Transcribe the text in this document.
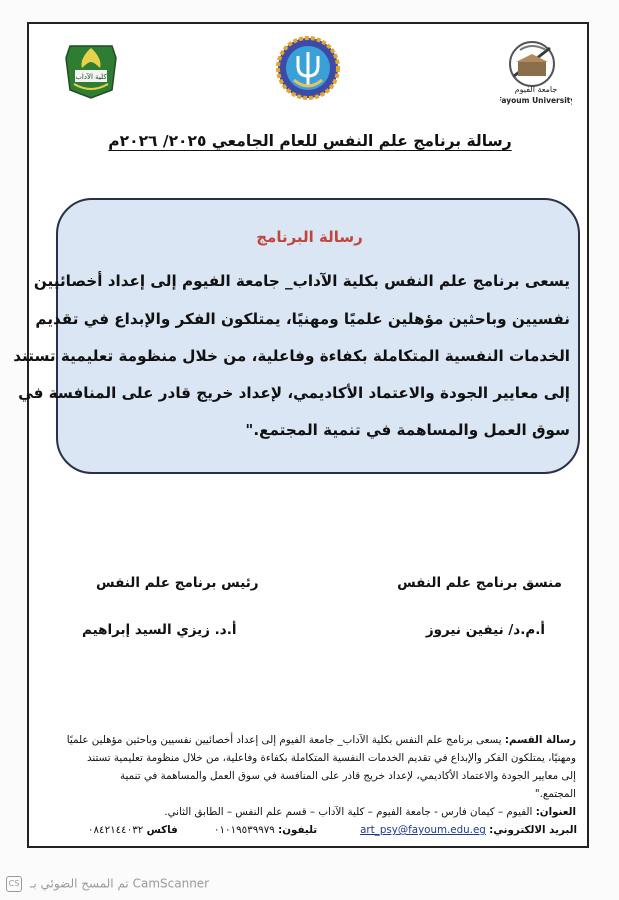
كلية الآداب
جامعة الفيوم
Fayoum University
رسالة برنامج علم النفس للعام الجامعي ٢٠٢٥/ ٢٠٢٦م
رسالة البرنامج
يسعى برنامج علم النفس بكلية الآداب_ جامعة الفيوم إلى إعداد أخصائيين
نفسيين وباحثين مؤهلين علميًا ومهنيًا، يمتلكون الفكر والإبداع في تقديم
الخدمات النفسية المتكاملة بكفاءة وفاعلية، من خلال منظومة تعليمية تستند
إلى معايير الجودة والاعتماد الأكاديمي، لإعداد خريج قادر على المنافسة في
سوق العمل والمساهمة في تنمية المجتمع."
منسق برنامج علم النفس
أ.م.د/ نيفين نيروز
رئيس برنامج علم النفس
أ.د. زيزي السيد إبراهيم
رسالة القسم: يسعى برنامج علم النفس بكلية الآداب_ جامعة الفيوم إلى إعداد أخصائيين نفسيين وباحثين مؤهلين علميًا
ومهنيًا، يمتلكون الفكر والإبداع في تقديم الخدمات النفسية المتكاملة بكفاءة وفاعلية، من خلال منظومة تعليمية تستند
إلى معايير الجودة والاعتماد الأكاديمي، لإعداد خريج قادر على المنافسة في سوق العمل والمساهمة في تنمية
المجتمع."
العنوان: الفيوم – كيمان فارس - جامعة الفيوم – كلية الآداب – قسم علم النفس – الطابق الثاني.
البريد الالكتروني: art_psy@fayoum.edu.eg
تليفون: ٠١٠١٩٥٣٩٩٧٩
فاكس ٠٨٤٢١٤٤٠٣٢
CS تم المسح الضوئي بـ CamScanner
